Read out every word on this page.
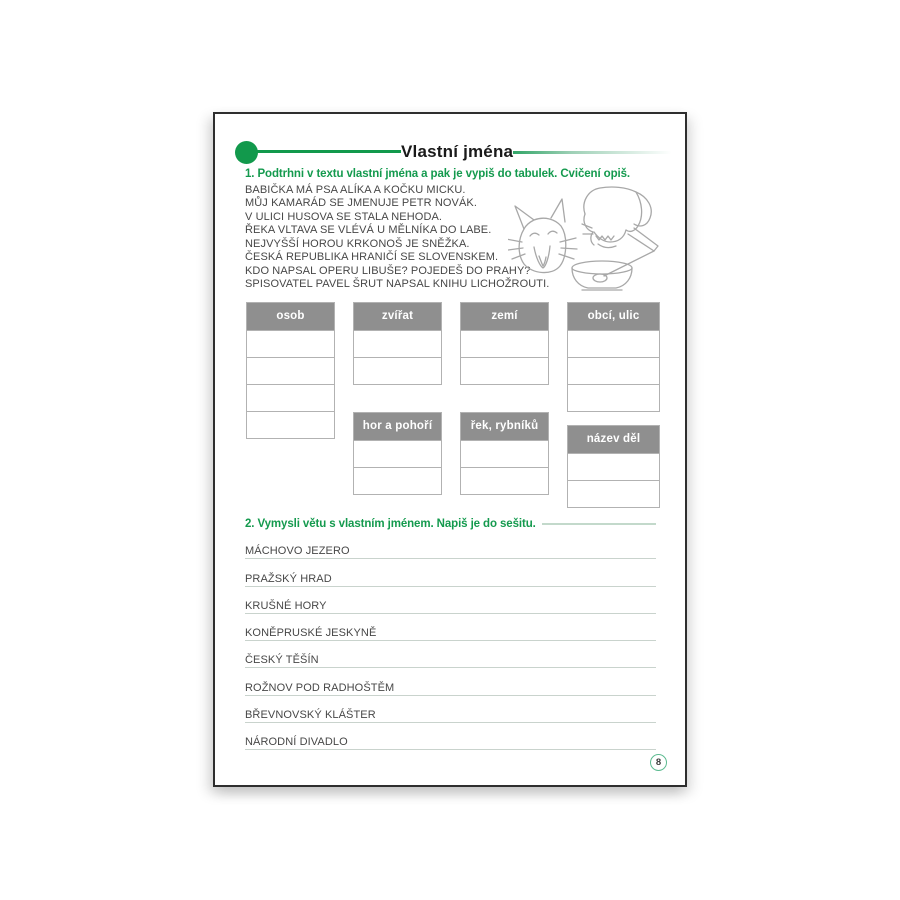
Vlastní jména
1. Podtrhni v textu vlastní jména a pak je vypiš do tabulek. Cvičení opiš.
BABIČKA MÁ PSA ALÍKA A KOČKU MICKU.
MŮJ KAMARÁD SE JMENUJE PETR NOVÁK.
V ULICI HUSOVA SE STALA NEHODA.
ŘEKA VLTAVA SE VLÉVÁ U MĚLNÍKA DO LABE.
NEJVYŠŠÍ HOROU KRKONOŠ JE SNĚŽKA.
ČESKÁ REPUBLIKA HRANIČÍ SE SLOVENSKEM.
KDO NAPSAL OPERU LIBUŠE? POJEDEŠ DO PRAHY?
SPISOVATEL PAVEL ŠRUT NAPSAL KNIHU LICHOŽROUTI.
osob	zvířat	zemí	obcí, ulic
hor a pohoří	řek, rybníků
název děl
2. Vymysli větu s vlastním jménem. Napiš je do sešitu.
MÁCHOVO JEZERO
PRAŽSKÝ HRAD
KRUŠNÉ HORY
KONĚPRUSKÉ JESKYNĚ
ČESKÝ TĚŠÍN
ROŽNOV POD RADHOŠTĚM
BŘEVNOVSKÝ KLÁŠTER
NÁRODNÍ DIVADLO
8
